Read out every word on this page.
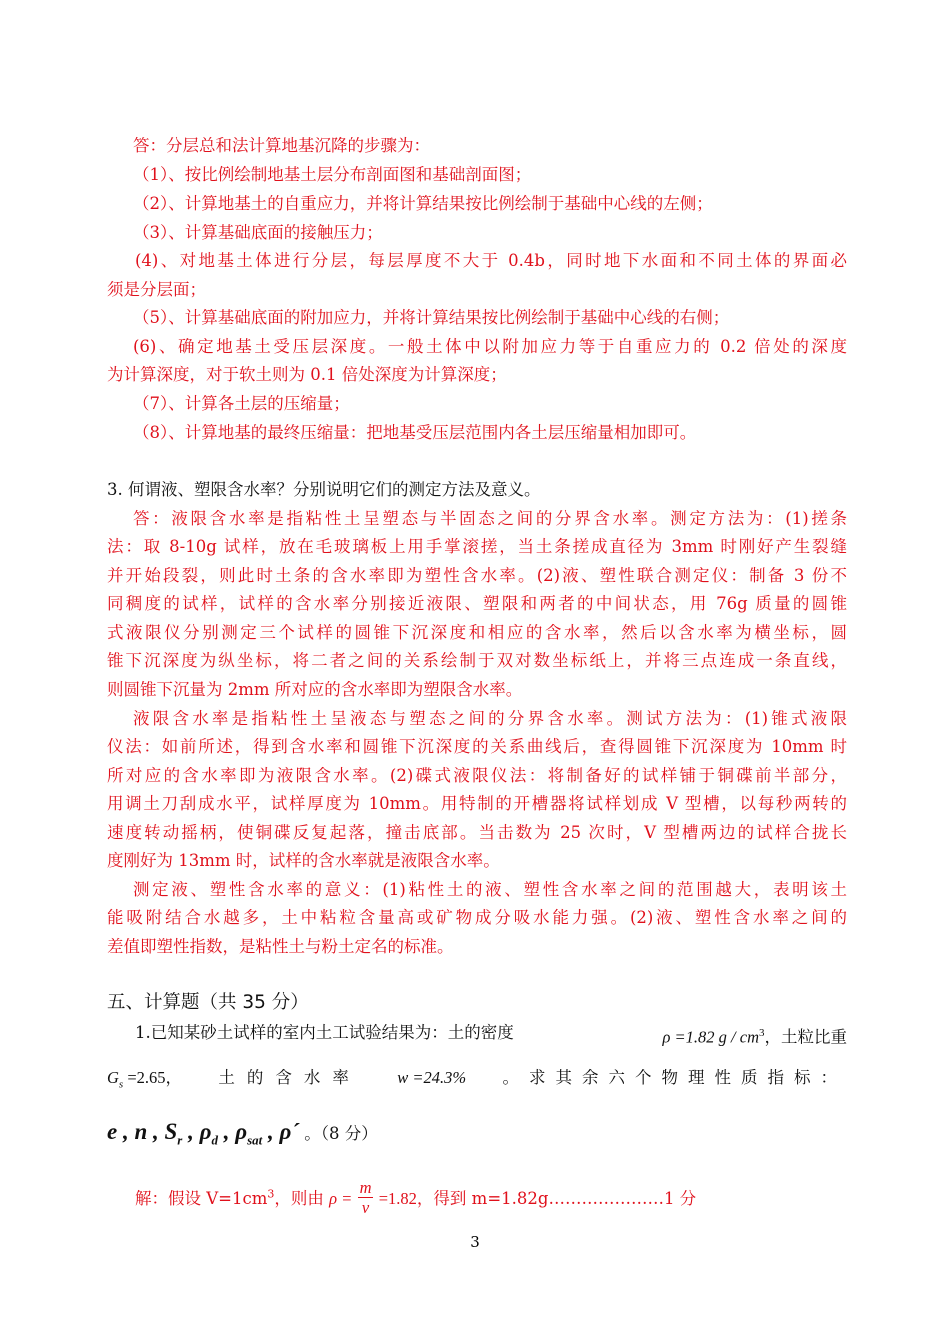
答：分层总和法计算地基沉降的步骤为：
（1）、按比例绘制地基土层分布剖面图和基础剖面图；
（2）、计算地基土的自重应力，并将计算结果按比例绘制于基础中心线的左侧；
（3）、计算基础底面的接触压力；
(4)、对地基土体进行分层，每层厚度不大于 0.4b，同时地下水面和不同土体的界面必
须是分层面；
（5）、计算基础底面的附加应力，并将计算结果按比例绘制于基础中心线的右侧；
(6)、确定地基土受压层深度。一般土体中以附加应力等于自重应力的 0.2 倍处的深度
为计算深度，对于软土则为 0.1 倍处深度为计算深度；
（7）、计算各土层的压缩量；
（8）、计算地基的最终压缩量：把地基受压层范围内各土层压缩量相加即可。
3. 何谓液、塑限含水率？分别说明它们的测定方法及意义。
答：液限含水率是指粘性土呈塑态与半固态之间的分界含水率。测定方法为：(1)搓条
法：取 8-10g 试样，放在毛玻璃板上用手掌滚搓，当土条搓成直径为 3mm 时刚好产生裂缝
并开始段裂，则此时土条的含水率即为塑性含水率。(2)液、塑性联合测定仪：制备 3 份不
同稠度的试样，试样的含水率分别接近液限、塑限和两者的中间状态，用 76g 质量的圆锥
式液限仪分别测定三个试样的圆锥下沉深度和相应的含水率，然后以含水率为横坐标，圆
锥下沉深度为纵坐标，将二者之间的关系绘制于双对数坐标纸上，并将三点连成一条直线，
则圆锥下沉量为 2mm 所对应的含水率即为塑限含水率。
液限含水率是指粘性土呈液态与塑态之间的分界含水率。测试方法为：(1)锥式液限
仪法：如前所述，得到含水率和圆锥下沉深度的关系曲线后，查得圆锥下沉深度为 10mm 时
所对应的含水率即为液限含水率。(2)碟式液限仪法：将制备好的试样铺于铜碟前半部分，
用调土刀刮成水平，试样厚度为 10mm。用特制的开槽器将试样划成 V 型槽，以每秒两转的
速度转动摇柄，使铜碟反复起落，撞击底部。当击数为 25 次时，V 型槽两边的试样合拢长
度刚好为 13mm 时，试样的含水率就是液限含水率。
测定液、塑性含水率的意义：(1)粘性土的液、塑性含水率之间的范围越大，表明该土
能吸附结合水越多，土中粘粒含量高或矿物成分吸水能力强。(2)液、塑性含水率之间的
差值即塑性指数，是粘性土与粉土定名的标准。
五、计算题（共 35 分）
1.已知某砂土试样的室内土工试验结果为：土的密度	ρ =1.82 g / $cm^3$，土粒比重
$G_s =2.65$， 土的含水率 w =24.3% 。求其余六个物理性质指标：
e , n , $S_r$ , $\rho_d$ , $\rho_{sat}$ , ρ´ 。（8 分）
解：假设 $V=1cm^3$，则由 $\rho = \frac{m}{v} =1.82$，得到 m=1.82g…………………1 分
3
